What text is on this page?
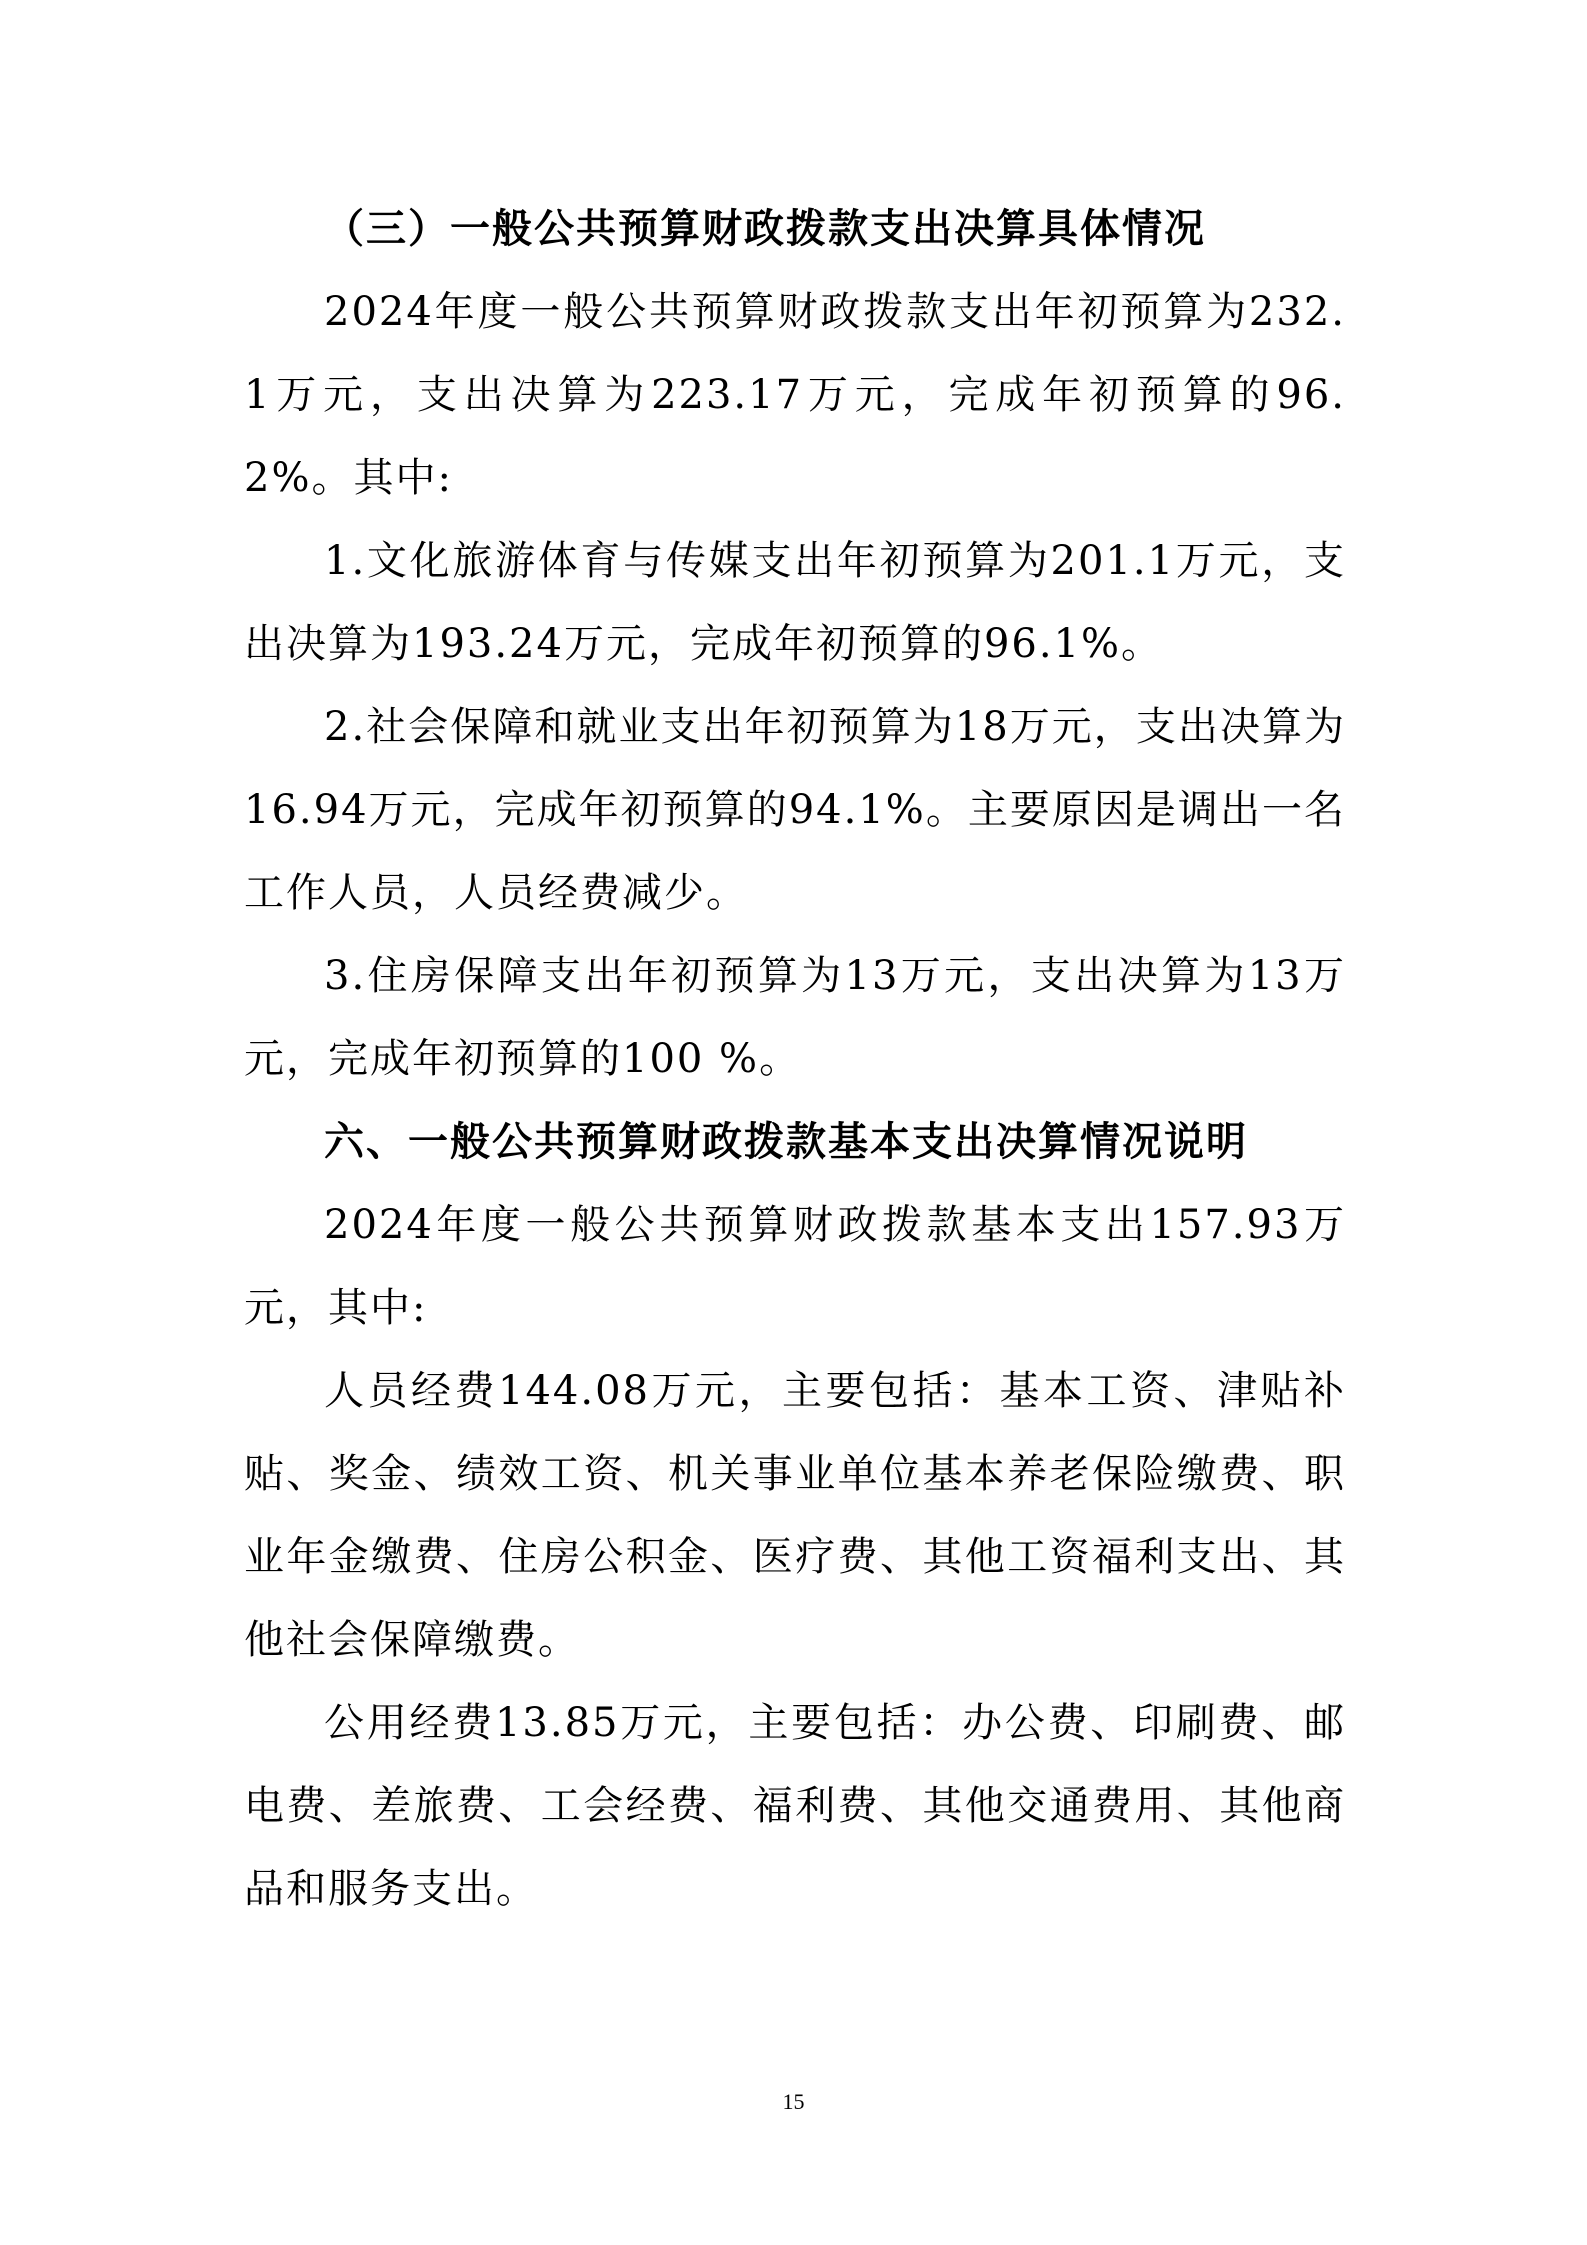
（三）一般公共预算财政拨款支出决算具体情况

2024年度一般公共预算财政拨款支出年初预算为232.1万元，支出决算为223.17万元，完成年初预算的96.2%。其中:

1.文化旅游体育与传媒支出年初预算为201.1万元，支出决算为193.24万元，完成年初预算的96.1%。

2.社会保障和就业支出年初预算为18万元，支出决算为16.94万元，完成年初预算的94.1%。主要原因是调出一名工作人员，人员经费减少。

3.住房保障支出年初预算为13万元，支出决算为13万元，完成年初预算的100 %。

六、一般公共预算财政拨款基本支出决算情况说明

2024年度一般公共预算财政拨款基本支出157.93万元，其中:

人员经费144.08万元，主要包括：基本工资、津贴补贴、奖金、绩效工资、机关事业单位基本养老保险缴费、职业年金缴费、住房公积金、医疗费、其他工资福利支出、其他社会保障缴费。

公用经费13.85万元，主要包括：办公费、印刷费、邮电费、差旅费、工会经费、福利费、其他交通费用、其他商品和服务支出。

15
